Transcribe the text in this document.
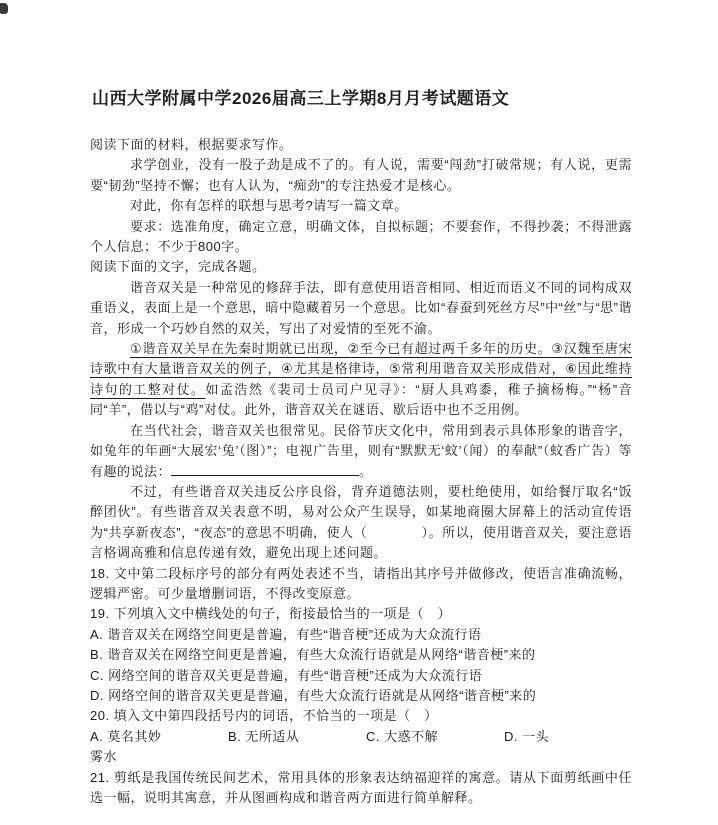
山西大学附属中学2026届高三上学期8月月考试题语文

阅读下面的材料，根据要求写作。

求学创业，没有一股子劲是成不了的。有人说，需要“闯劲”打破常规；有人说，更需要“韧劲”坚持不懈；也有人认为，“痴劲”的专注热爱才是核心。

对此，你有怎样的联想与思考?请写一篇文章。

要求：选准角度，确定立意，明确文体，自拟标题；不要套作，不得抄袭；不得泄露个人信息；不少于800字。

阅读下面的文字，完成各题。

谐音双关是一种常见的修辞手法，即有意使用语音相同、相近而语义不同的词构成双重语义，表面上是一个意思，暗中隐藏着另一个意思。比如“春蚕到死丝方尽”中“丝”与“思”谐音，形成一个巧妙自然的双关，写出了对爱情的至死不渝。

①谐音双关早在先秦时期就已出现，②至今已有超过两千多年的历史。③汉魏至唐宋诗歌中有大量谐音双关的例子，④尤其是格律诗，⑤常利用谐音双关形成借对，⑥因此维持诗句的工整对仗。如孟浩然《裴司士员司户见寻》：“厨人具鸡黍，稚子摘杨梅。”“杨”音同“羊”，借以与“鸡”对仗。此外，谐音双关在谜语、歇后语中也不乏用例。

在当代社会，谐音双关也很常见。民俗节庆文化中，常用到表示具体形象的谐音字，如兔年的年画“大展宏‘兔’（图）”；电视广告里，则有“默默无‘蚊’（闻）的奉献”（蚊香广告）等有趣的说法：	。

不过，有些谐音双关违反公序良俗，背弃道德法则，要杜绝使用，如给餐厅取名“饭醉团伙”。有些谐音双关表意不明，易对公众产生误导，如某地商圈大屏幕上的活动宣传语为“共享新夜态”，“夜态”的意思不明确，使人（　　　　）。所以，使用谐音双关，要注意语言格调高雅和信息传递有效，避免出现上述问题。

18. 文中第二段标序号的部分有两处表述不当，请指出其序号并做修改，使语言准确流畅，逻辑严密。可少量增删词语，不得改变原意。

19. 下列填入文中横线处的句子，衔接最恰当的一项是（　）

A. 谐音双关在网络空间更是普遍，有些“谐音梗”还成为大众流行语

B. 谐音双关在网络空间更是普遍，有些大众流行语就是从网络“谐音梗”来的

C. 网络空间的谐音双关更是普遍，有些“谐音梗”还成为大众流行语

D. 网络空间的谐音双关更是普遍，有些大众流行语就是从网络“谐音梗”来的

20. 填入文中第四段括号内的词语，不恰当的一项是（　）

A. 莫名其妙	B. 无所适从	C. 大惑不解	D. 一头

雾水

21. 剪纸是我国传统民间艺术，常用具体的形象表达纳福迎祥的寓意。请从下面剪纸画中任选一幅，说明其寓意，并从图画构成和谐音两方面进行简单解释。
